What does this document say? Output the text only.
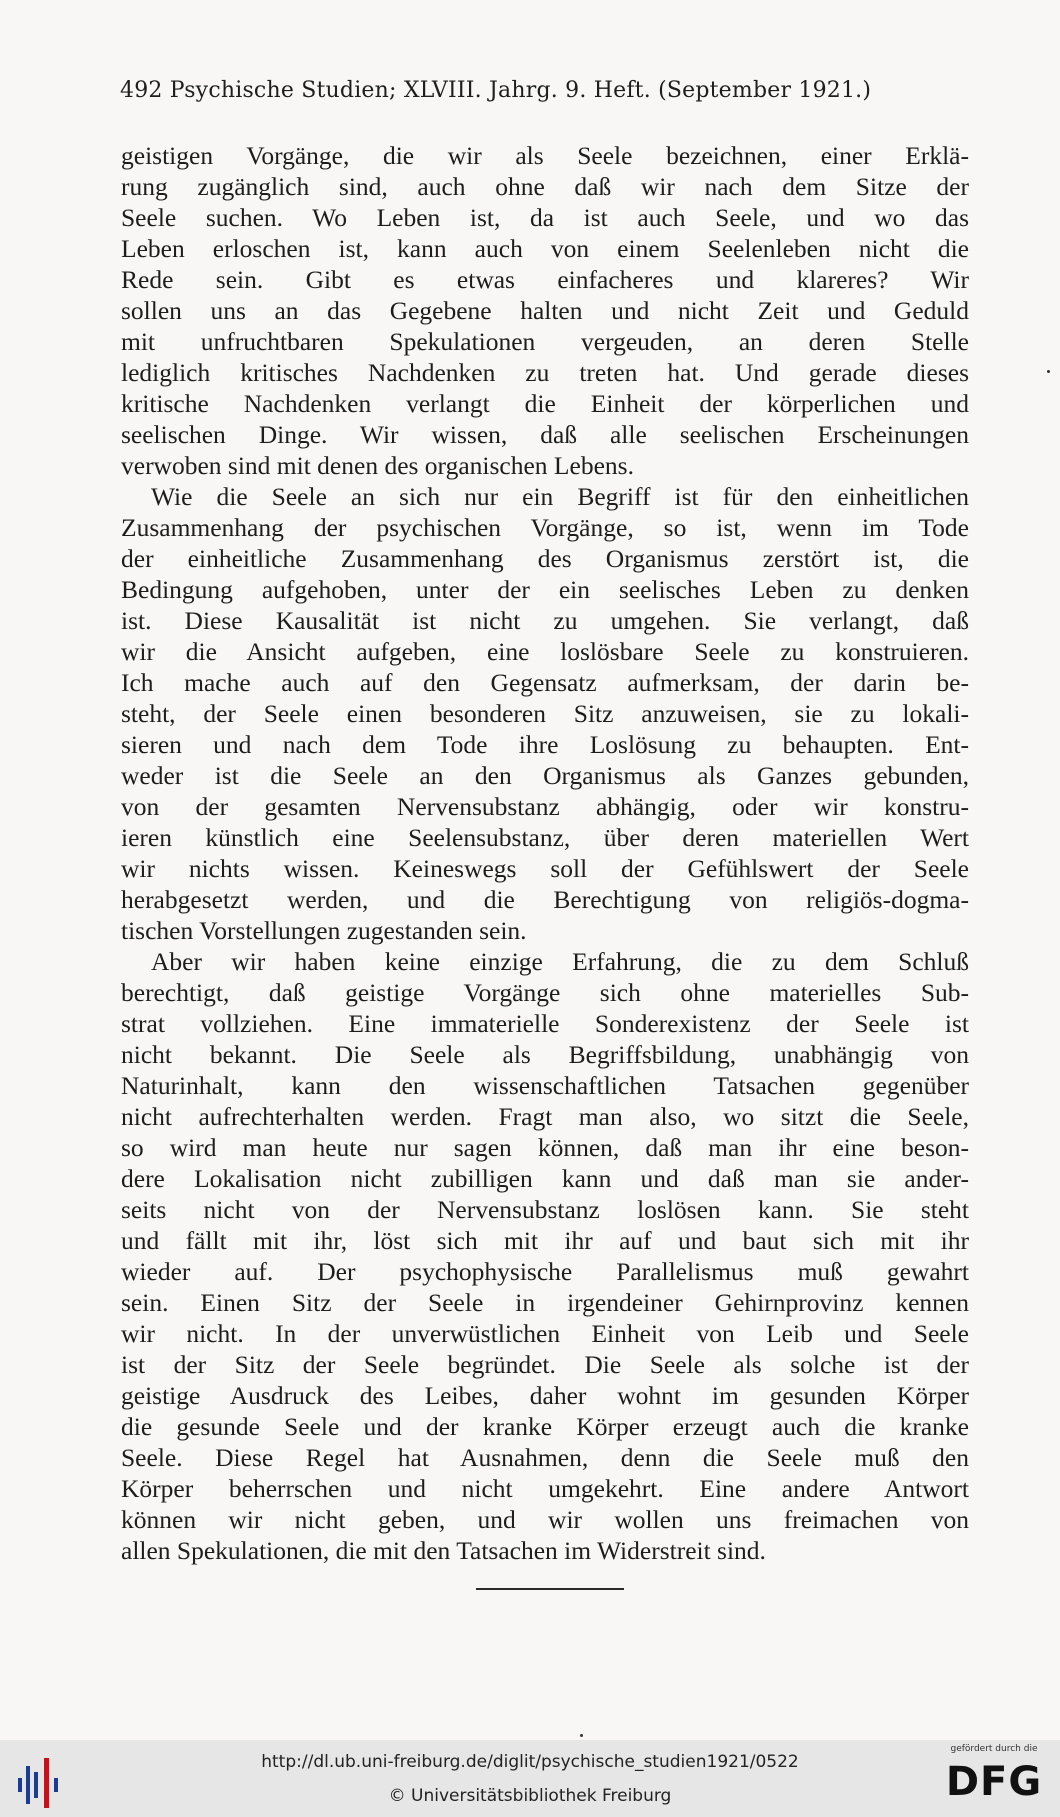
492 Psychische Studien; XLVIII. Jahrg. 9. Heft. (September 1921.)
geistigen Vorgänge, die wir als Seele bezeichnen, einer Erklä-
rung zugänglich sind, auch ohne daß wir nach dem Sitze der
Seele suchen. Wo Leben ist, da ist auch Seele, und wo das
Leben erloschen ist, kann auch von einem Seelenleben nicht die
Rede sein. Gibt es etwas einfacheres und klareres? Wir
sollen uns an das Gegebene halten und nicht Zeit und Geduld
mit unfruchtbaren Spekulationen vergeuden, an deren Stelle
lediglich kritisches Nachdenken zu treten hat. Und gerade dieses
kritische Nachdenken verlangt die Einheit der körperlichen und
seelischen Dinge. Wir wissen, daß alle seelischen Erscheinungen
verwoben sind mit denen des organischen Lebens.
Wie die Seele an sich nur ein Begriff ist für den einheitlichen
Zusammenhang der psychischen Vorgänge, so ist, wenn im Tode
der einheitliche Zusammenhang des Organismus zerstört ist, die
Bedingung aufgehoben, unter der ein seelisches Leben zu denken
ist. Diese Kausalität ist nicht zu umgehen. Sie verlangt, daß
wir die Ansicht aufgeben, eine loslösbare Seele zu konstruieren.
Ich mache auch auf den Gegensatz aufmerksam, der darin be-
steht, der Seele einen besonderen Sitz anzuweisen, sie zu lokali-
sieren und nach dem Tode ihre Loslösung zu behaupten. Ent-
weder ist die Seele an den Organismus als Ganzes gebunden,
von der gesamten Nervensubstanz abhängig, oder wir konstru-
ieren künstlich eine Seelensubstanz, über deren materiellen Wert
wir nichts wissen. Keineswegs soll der Gefühlswert der Seele
herabgesetzt werden, und die Berechtigung von religiös-dogma-
tischen Vorstellungen zugestanden sein.
Aber wir haben keine einzige Erfahrung, die zu dem Schluß
berechtigt, daß geistige Vorgänge sich ohne materielles Sub-
strat vollziehen. Eine immaterielle Sonderexistenz der Seele ist
nicht bekannt. Die Seele als Begriffsbildung, unabhängig von
Naturinhalt, kann den wissenschaftlichen Tatsachen gegenüber
nicht aufrechterhalten werden. Fragt man also, wo sitzt die Seele,
so wird man heute nur sagen können, daß man ihr eine beson-
dere Lokalisation nicht zubilligen kann und daß man sie ander-
seits nicht von der Nervensubstanz loslösen kann. Sie steht
und fällt mit ihr, löst sich mit ihr auf und baut sich mit ihr
wieder auf. Der psychophysische Parallelismus muß gewahrt
sein. Einen Sitz der Seele in irgendeiner Gehirnprovinz kennen
wir nicht. In der unverwüstlichen Einheit von Leib und Seele
ist der Sitz der Seele begründet. Die Seele als solche ist der
geistige Ausdruck des Leibes, daher wohnt im gesunden Körper
die gesunde Seele und der kranke Körper erzeugt auch die kranke
Seele. Diese Regel hat Ausnahmen, denn die Seele muß den
Körper beherrschen und nicht umgekehrt. Eine andere Antwort
können wir nicht geben, und wir wollen uns freimachen von
allen Spekulationen, die mit den Tatsachen im Widerstreit sind.
http://dl.ub.uni-freiburg.de/diglit/psychische_studien1921/0522
© Universitätsbibliothek Freiburg
gefördert durch die
DFG
